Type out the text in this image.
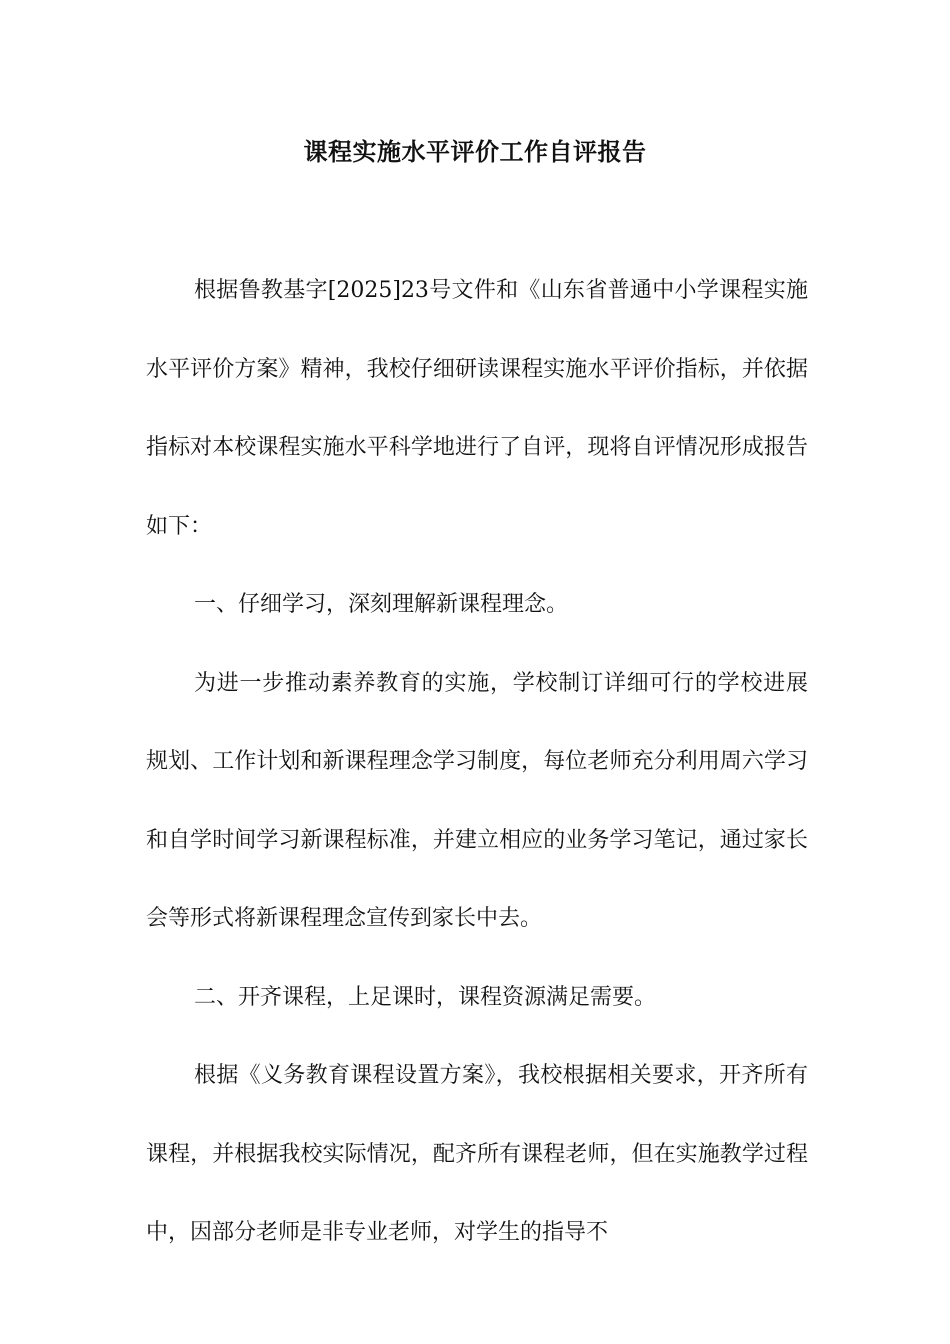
课程实施水平评价工作自评报告

根据鲁教基字[2025]23号文件和《山东省普通中小学课程实施水平评价方案》精神，我校仔细研读课程实施水平评价指标，并依据指标对本校课程实施水平科学地进行了自评，现将自评情况形成报告如下：

一、仔细学习，深刻理解新课程理念。

为进一步推动素养教育的实施，学校制订详细可行的学校进展规划、工作计划和新课程理念学习制度，每位老师充分利用周六学习和自学时间学习新课程标准，并建立相应的业务学习笔记，通过家长会等形式将新课程理念宣传到家长中去。

二、开齐课程，上足课时，课程资源满足需要。

根据《义务教育课程设置方案》，我校根据相关要求，开齐所有课程，并根据我校实际情况，配齐所有课程老师，但在实施教学过程中，因部分老师是非专业老师，对学生的指导不
